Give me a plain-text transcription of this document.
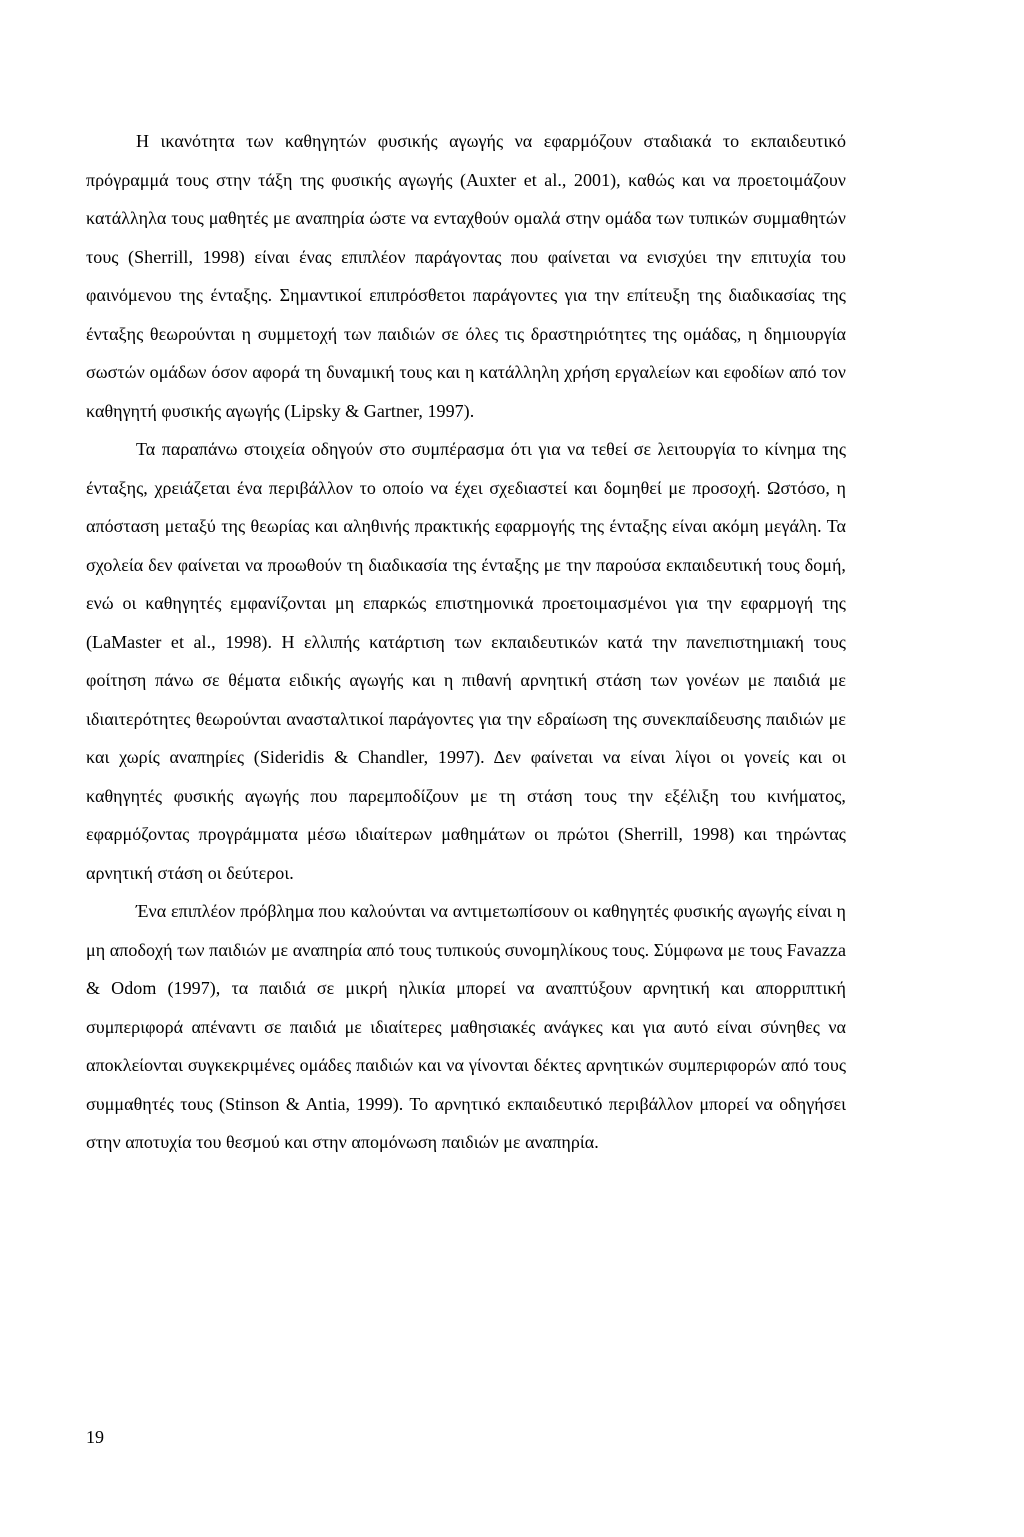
Η ικανότητα των καθηγητών φυσικής αγωγής να εφαρμόζουν σταδιακά το εκπαιδευτικό πρόγραμμά τους στην τάξη της φυσικής αγωγής (Auxter et al., 2001), καθώς και να προετοιμάζουν κατάλληλα τους μαθητές με αναπηρία ώστε να ενταχθούν ομαλά στην ομάδα των τυπικών συμμαθητών τους (Sherrill, 1998) είναι ένας επιπλέον παράγοντας που φαίνεται να ενισχύει την επιτυχία του φαινόμενου της ένταξης. Σημαντικοί επιπρόσθετοι παράγοντες για την επίτευξη της διαδικασίας της ένταξης θεωρούνται η συμμετοχή των παιδιών σε όλες τις δραστηριότητες της ομάδας, η δημιουργία σωστών ομάδων όσον αφορά τη δυναμική τους και η κατάλληλη χρήση εργαλείων και εφοδίων από τον καθηγητή φυσικής αγωγής (Lipsky & Gartner, 1997).

Τα παραπάνω στοιχεία οδηγούν στο συμπέρασμα ότι για να τεθεί σε λειτουργία το κίνημα της ένταξης, χρειάζεται ένα περιβάλλον το οποίο να έχει σχεδιαστεί και δομηθεί με προσοχή. Ωστόσο, η απόσταση μεταξύ της θεωρίας και αληθινής πρακτικής εφαρμογής της ένταξης είναι ακόμη μεγάλη. Τα σχολεία δεν φαίνεται να προωθούν τη διαδικασία της ένταξης με την παρούσα εκπαιδευτική τους δομή, ενώ οι καθηγητές εμφανίζονται μη επαρκώς επιστημονικά προετοιμασμένοι για την εφαρμογή της (LaMaster et al., 1998). Η ελλιπής κατάρτιση των εκπαιδευτικών κατά την πανεπιστημιακή τους φοίτηση πάνω σε θέματα ειδικής αγωγής και η πιθανή αρνητική στάση των γονέων με παιδιά με ιδιαιτερότητες θεωρούνται ανασταλτικοί παράγοντες για την εδραίωση της συνεκπαίδευσης παιδιών με και χωρίς αναπηρίες (Sideridis & Chandler, 1997). Δεν φαίνεται να είναι λίγοι οι γονείς και οι καθηγητές φυσικής αγωγής που παρεμποδίζουν με τη στάση τους την εξέλιξη του κινήματος, εφαρμόζοντας προγράμματα μέσω ιδιαίτερων μαθημάτων οι πρώτοι (Sherrill, 1998) και τηρώντας αρνητική στάση οι δεύτεροι.

Ένα επιπλέον πρόβλημα που καλούνται να αντιμετωπίσουν οι καθηγητές φυσικής αγωγής είναι η μη αποδοχή των παιδιών με αναπηρία από τους τυπικούς συνομηλίκους τους. Σύμφωνα με τους Favazza & Odom (1997), τα παιδιά σε μικρή ηλικία μπορεί να αναπτύξουν αρνητική και απορριπτική συμπεριφορά απέναντι σε παιδιά με ιδιαίτερες μαθησιακές ανάγκες και για αυτό είναι σύνηθες να αποκλείονται συγκεκριμένες ομάδες παιδιών και να γίνονται δέκτες αρνητικών συμπεριφορών από τους συμμαθητές τους (Stinson & Antia, 1999). Το αρνητικό εκπαιδευτικό περιβάλλον μπορεί να οδηγήσει στην αποτυχία του θεσμού και στην απομόνωση παιδιών με αναπηρία.

19
